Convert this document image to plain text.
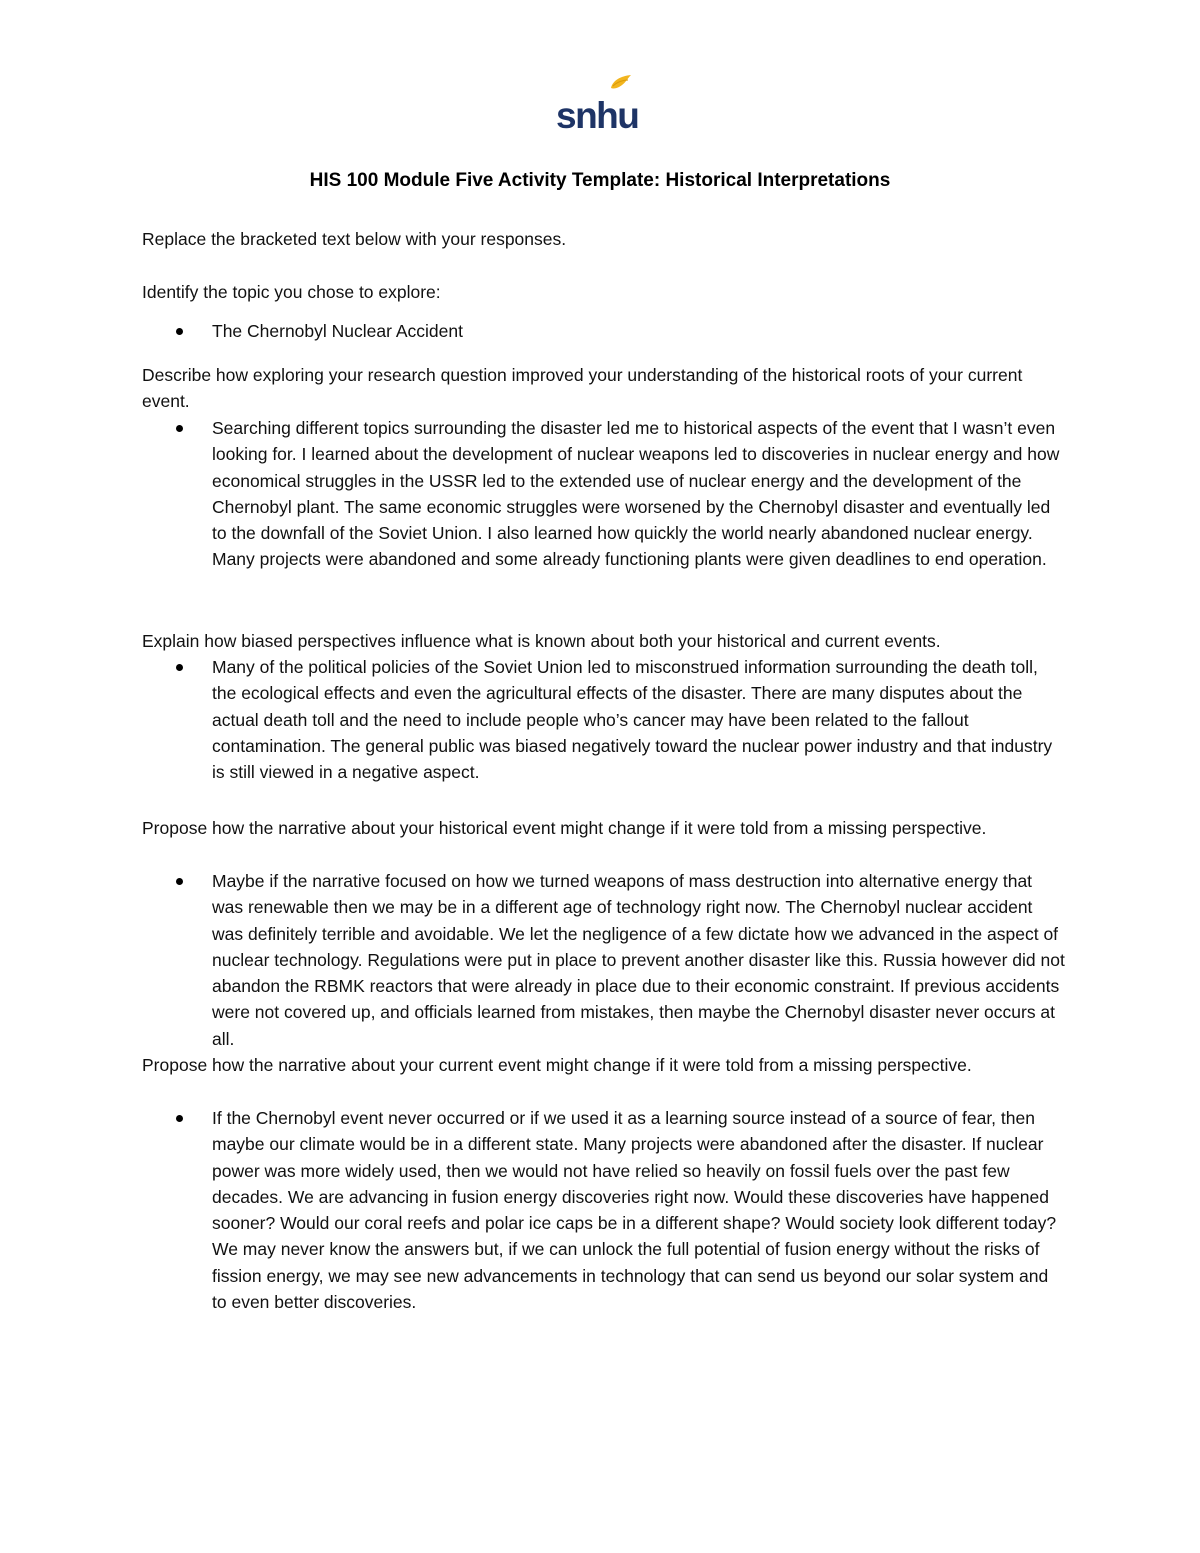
snhu
HIS 100 Module Five Activity Template: Historical Interpretations
Replace the bracketed text below with your responses.
Identify the topic you chose to explore:
The Chernobyl Nuclear Accident
Describe how exploring your research question improved your understanding of the historical roots of your current event.
Searching different topics surrounding the disaster led me to historical aspects of the event that I wasn’t even looking for. I learned about the development of nuclear weapons led to discoveries in nuclear energy and how economical struggles in the USSR led to the extended use of nuclear energy and the development of the Chernobyl plant. The same economic struggles were worsened by the Chernobyl disaster and eventually led to the downfall of the Soviet Union. I also learned how quickly the world nearly abandoned nuclear energy. Many projects were abandoned and some already functioning plants were given deadlines to end operation.
Explain how biased perspectives influence what is known about both your historical and current events.
Many of the political policies of the Soviet Union led to misconstrued information surrounding the death toll, the ecological effects and even the agricultural effects of the disaster. There are many disputes about the actual death toll and the need to include people who’s cancer may have been related to the fallout contamination. The general public was biased negatively toward the nuclear power industry and that industry is still viewed in a negative aspect.
Propose how the narrative about your historical event might change if it were told from a missing perspective.
Maybe if the narrative focused on how we turned weapons of mass destruction into alternative energy that was renewable then we may be in a different age of technology right now. The Chernobyl nuclear accident was definitely terrible and avoidable. We let the negligence of a few dictate how we advanced in the aspect of nuclear technology. Regulations were put in place to prevent another disaster like this. Russia however did not abandon the RBMK reactors that were already in place due to their economic constraint. If previous accidents were not covered up, and officials learned from mistakes, then maybe the Chernobyl disaster never occurs at all.
Propose how the narrative about your current event might change if it were told from a missing perspective.
If the Chernobyl event never occurred or if we used it as a learning source instead of a source of fear, then maybe our climate would be in a different state. Many projects were abandoned after the disaster. If nuclear power was more widely used, then we would not have relied so heavily on fossil fuels over the past few decades. We are advancing in fusion energy discoveries right now. Would these discoveries have happened sooner? Would our coral reefs and polar ice caps be in a different shape? Would society look different today? We may never know the answers but, if we can unlock the full potential of fusion energy without the risks of fission energy, we may see new advancements in technology that can send us beyond our solar system and to even better discoveries.
